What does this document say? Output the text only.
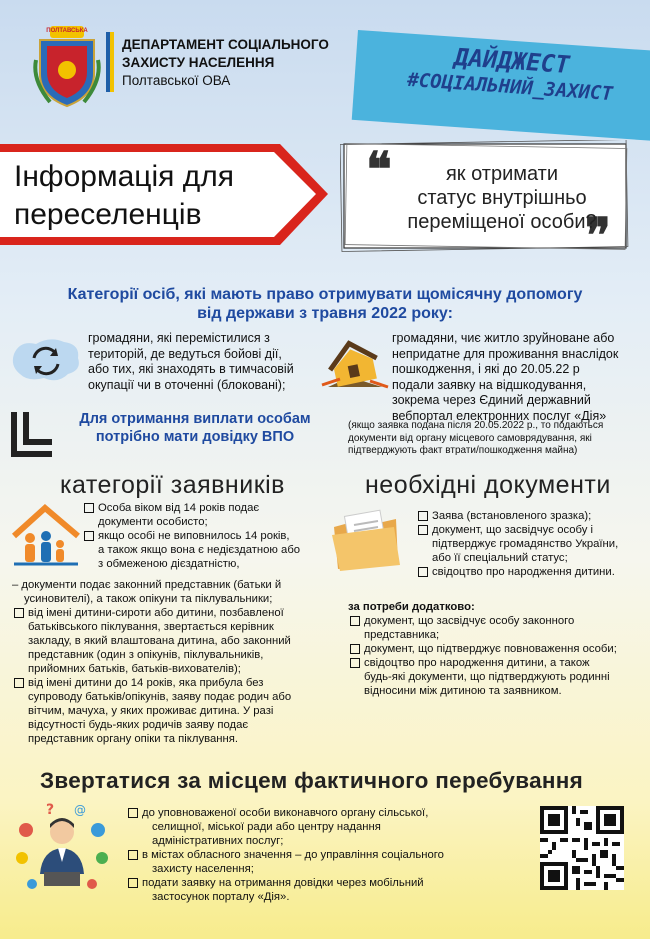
ПОЛТАВСЬКА
ДЕПАРТАМЕНТ СОЦІАЛЬНОГО
ЗАХИСТУ НАСЕЛЕННЯ
Полтавської ОВА
ДАЙДЖЕСТ
#СОЦІАЛЬНИЙ_ЗАХИСТ
Інформація для
переселенців
❝
❞
як отримати
статус внутрішньо
переміщеної особи?
Категорії осіб, які мають право отримувати щомісячну допомогу
від держави з травня 2022 року:
громадяни, які перемістилися з
територій, де ведуться бойові дії,
або тих, які знаходять в тимчасовій
окупації чи в оточенні (блоковані);
громадяни, чиє житло зруйноване або
непридатне для проживання внаслідок
пошкодження, і які до 20.05.22 р
подали заявку на відшкодування,
зокрема через Єдиний державний
вебпортал електронних послуг «Дія»
Для отримання виплати особам
потрібно мати довідку ВПО
(якщо заявка подана після 20.05.2022 р., то подаються
документи від органу місцевого самоврядування, які
підтверджують факт втрати/пошкодження майна)
категорії заявників	необхідні документи
Особа віком від 14 років подає
документи особисто;
якщо особі не виповнилось 14 років,
а також якщо вона є недієздатною або
з обмеженою дієздатністю,
– документи подає законний представник (батьки й
усиновителі), а також опікуни та піклувальники;
від імені дитини-сироти або дитини, позбавленої
батьківського піклування, звертається керівник
закладу, в який влаштована дитина, або законний
представник (один з опікунів, піклувальників,
прийомних батьків, батьків-вихователів);
від імені дитини до 14 років, яка прибула без
супроводу батьків/опікунів, заяву подає родич або
вітчим, мачуха, у яких проживає дитина. У разі
відсутності будь-яких родичів заяву подає
представник органу опіки та піклування.
Заява (встановленого зразка);
документ, що засвідчує особу і
підтверджує громадянство України,
або її спеціальний статус;
свідоцтво про народження дитини.
за потреби додатково:
документ, що засвідчує особу законного
представника;
документ, що підтверджує повноваження особи;
свідоцтво про народження дитини, а також
будь-які документи, що підтверджують родинні
відносини між дитиною та заявником.
Звертатися за місцем фактичного перебування
? @	до уповноваженої особи виконавчого органу сільської,
селищної, міської ради або центру надання
адміністративних послуг;
в містах обласного значення – до управління соціального
захисту населення;
подати заявку на отримання довідки через мобільний
застосунок порталу «Дія».
